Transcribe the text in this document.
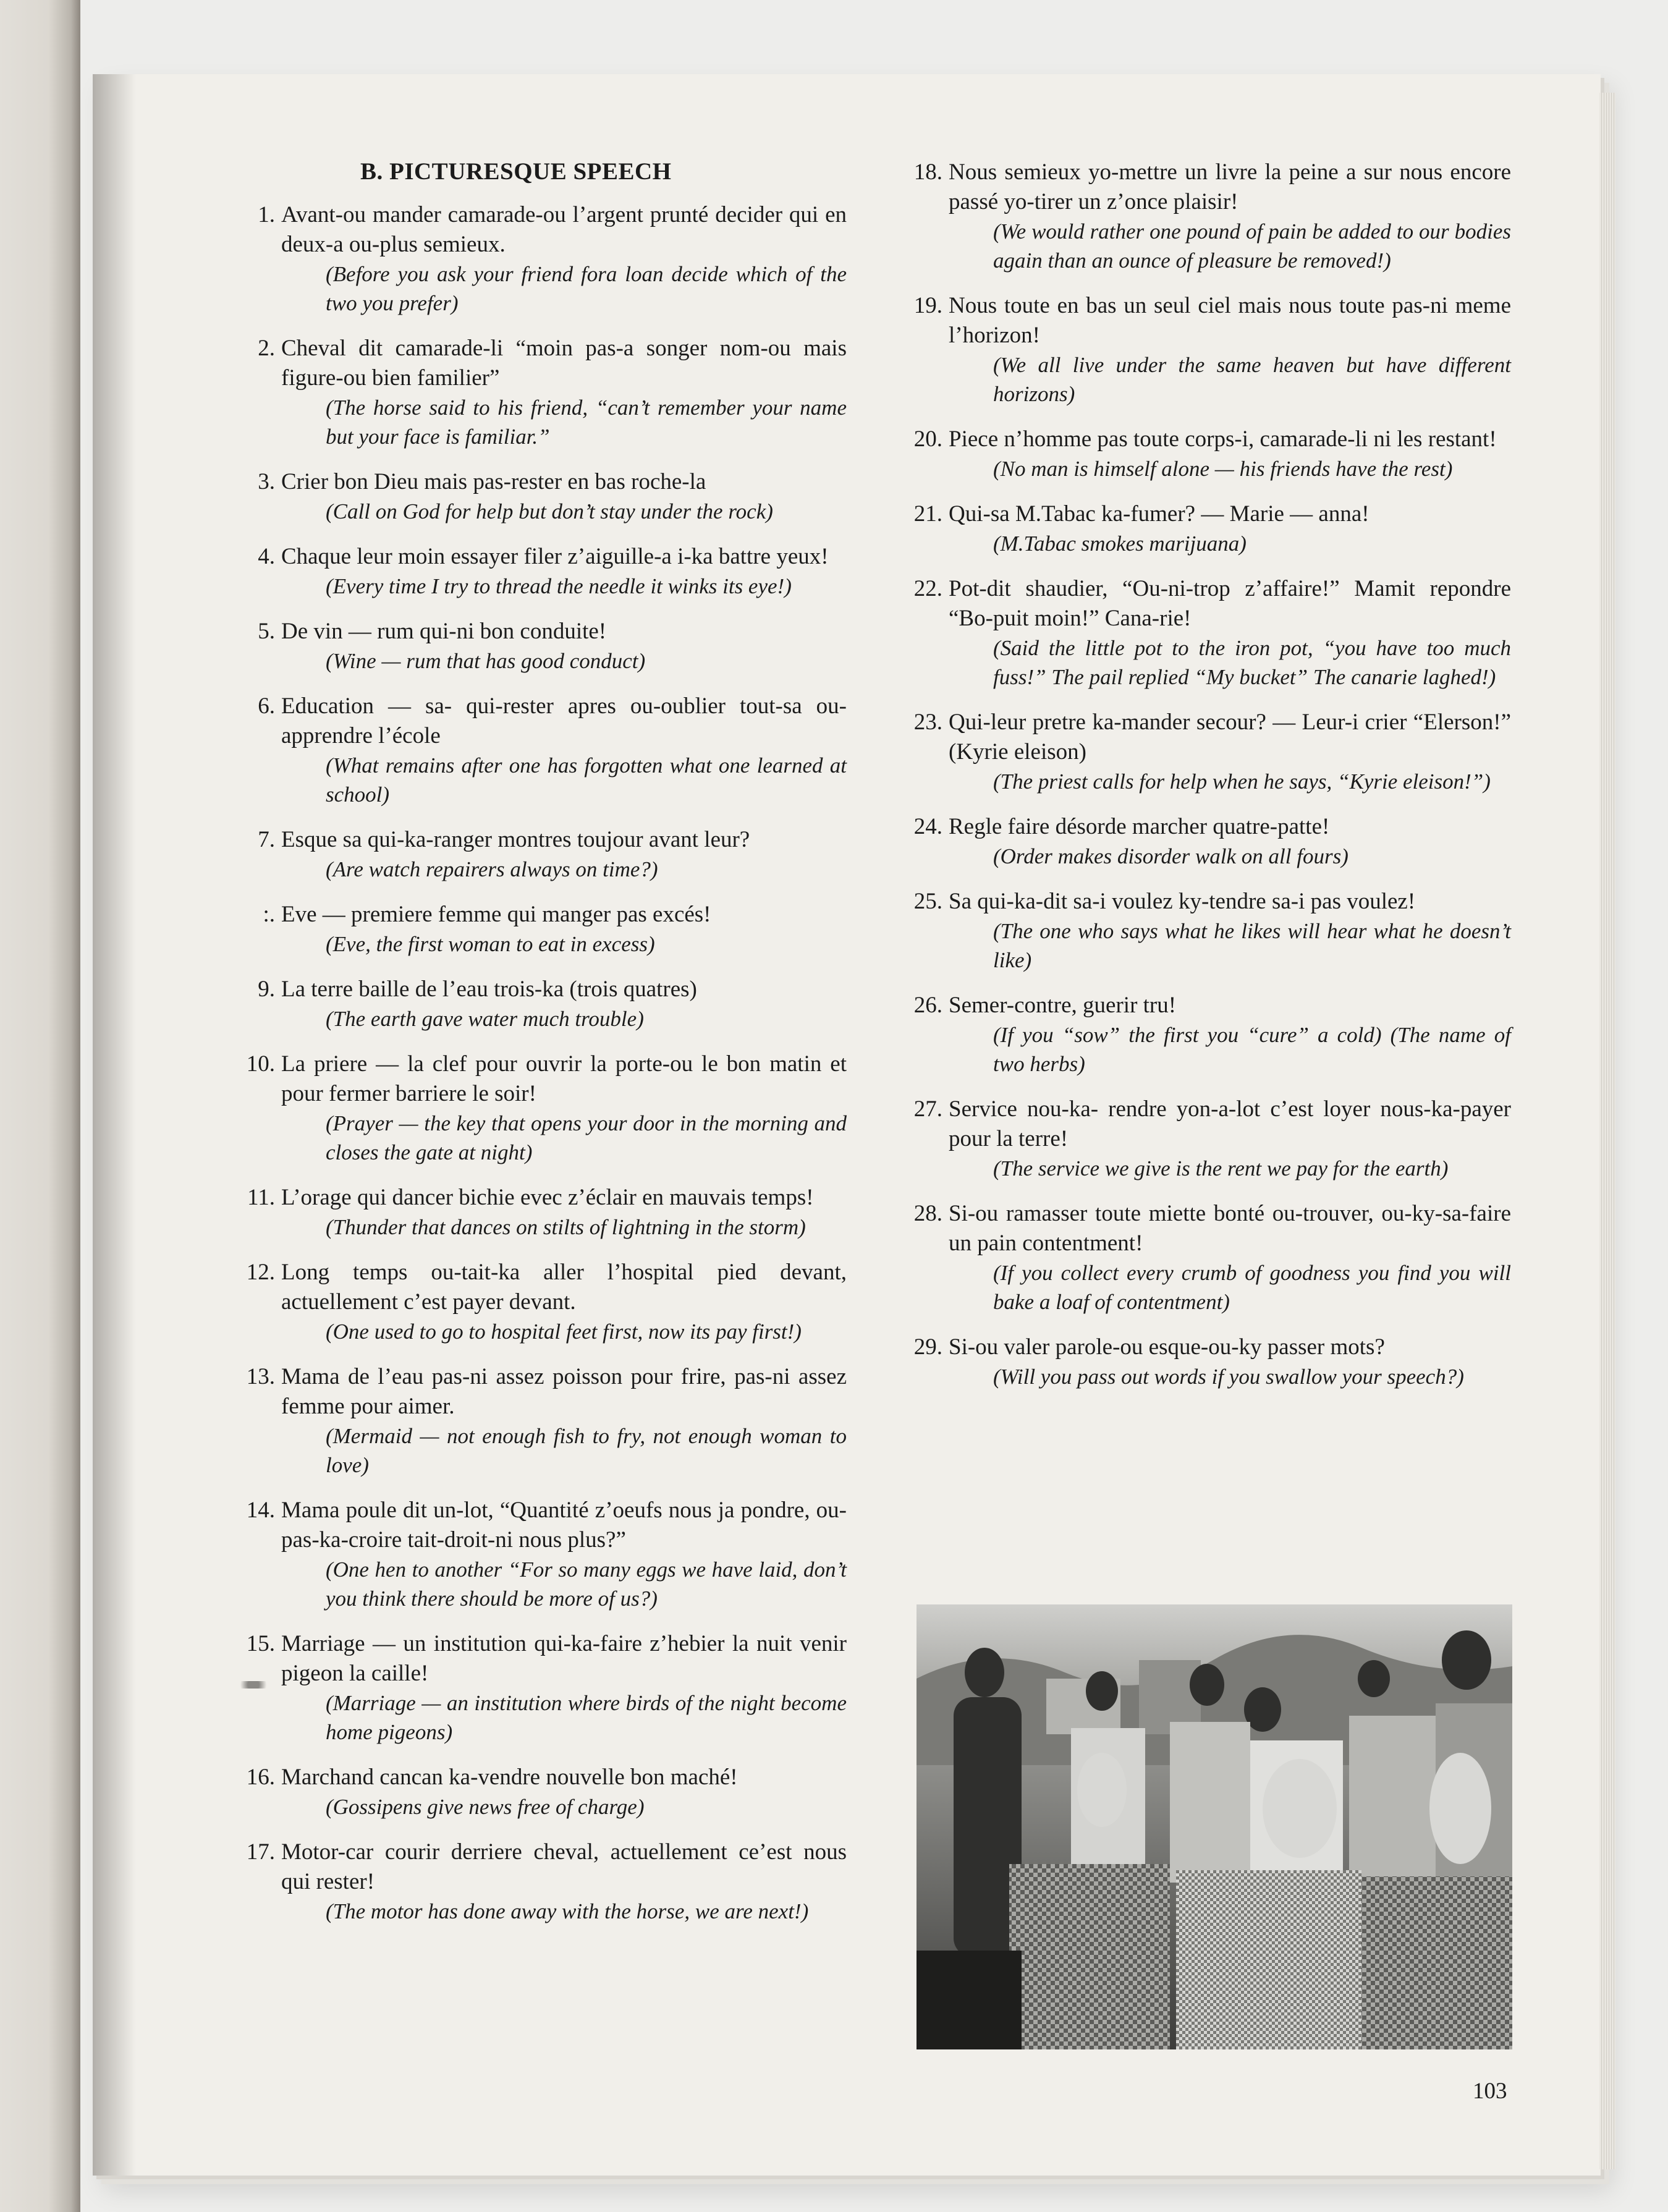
B. PICTURESQUE SPEECH
1. Avant-ou mander camarade-ou l’argent prunté decider qui en deux-a ou-plus semieux.
(Before you ask your friend fora loan decide which of the two you prefer)
2. Cheval dit camarade-li “moin pas-a songer nom-ou mais figure-ou bien familier”
(The horse said to his friend, “can’t remember your name but your face is familiar.”
3. Crier bon Dieu mais pas-rester en bas roche-la
(Call on God for help but don’t stay under the rock)
4. Chaque leur moin essayer filer z’aiguille-a i-ka battre yeux!
(Every time I try to thread the needle it winks its eye!)
5. De vin — rum qui-ni bon conduite!
(Wine — rum that has good conduct)
6. Education — sa- qui-rester apres ou-oublier tout-sa ou-apprendre l’école
(What remains after one has forgotten what one learned at school)
7. Esque sa qui-ka-ranger montres toujour avant leur?
(Are watch repairers always on time?)
:. Eve — premiere femme qui manger pas excés!
(Eve, the first woman to eat in excess)
9. La terre baille de l’eau trois-ka (trois quatres)
(The earth gave water much trouble)
10. La priere — la clef pour ouvrir la porte-ou le bon matin et pour fermer barriere le soir!
(Prayer — the key that opens your door in the morning and closes the gate at night)
11. L’orage qui dancer bichie evec z’éclair en mauvais temps!
(Thunder that dances on stilts of lightning in the storm)
12. Long temps ou-tait-ka aller l’hospital pied devant, actuellement c’est payer devant.
(One used to go to hospital feet first, now its pay first!)
13. Mama de l’eau pas-ni assez poisson pour frire, pas-ni assez femme pour aimer.
(Mermaid — not enough fish to fry, not enough woman to love)
14. Mama poule dit un-lot, “Quantité z’oeufs nous ja pondre, ou-pas-ka-croire tait-droit-ni nous plus?”
(One hen to another “For so many eggs we have laid, don’t you think there should be more of us?)
15. Marriage — un institution qui-ka-faire z’hebier la nuit venir pigeon la caille!
(Marriage — an institution where birds of the night become home pigeons)
16. Marchand cancan ka-vendre nouvelle bon maché!
(Gossipens give news free of charge)
17. Motor-car courir derriere cheval, actuellement ce’est nous qui rester!
(The motor has done away with the horse, we are next!)
18. Nous semieux yo-mettre un livre la peine a sur nous encore passé yo-tirer un z’once plaisir!
(We would rather one pound of pain be added to our bodies again than an ounce of pleasure be removed!)
19. Nous toute en bas un seul ciel mais nous toute pas-ni meme l’horizon!
(We all live under the same heaven but have different horizons)
20. Piece n’homme pas toute corps-i, camarade-li ni les restant!
(No man is himself alone — his friends have the rest)
21. Qui-sa M.Tabac ka-fumer? — Marie — anna!
(M.Tabac smokes marijuana)
22. Pot-dit shaudier, “Ou-ni-trop z’affaire!” Mamit repondre “Bo-puit moin!” Cana-rie!
(Said the little pot to the iron pot, “you have too much fuss!” The pail replied “My bucket” The canarie laghed!)
23. Qui-leur pretre ka-mander secour? — Leur-i crier “Elerson!” (Kyrie eleison)
(The priest calls for help when he says, “Kyrie eleison!”)
24. Regle faire désorde marcher quatre-patte!
(Order makes disorder walk on all fours)
25. Sa qui-ka-dit sa-i voulez ky-tendre sa-i pas voulez!
(The one who says what he likes will hear what he doesn’t like)
26. Semer-contre, guerir tru!
(If you “sow” the first you “cure” a cold) (The name of two herbs)
27. Service nou-ka- rendre yon-a-lot c’est loyer nous-ka-payer pour la terre!
(The service we give is the rent we pay for the earth)
28. Si-ou ramasser toute miette bonté ou-trouver, ou-ky-sa-faire un pain contentment!
(If you collect every crumb of goodness you find you will bake a loaf of contentment)
29. Si-ou valer parole-ou esque-ou-ky passer mots?
(Will you pass out words if you swallow your speech?)
103
